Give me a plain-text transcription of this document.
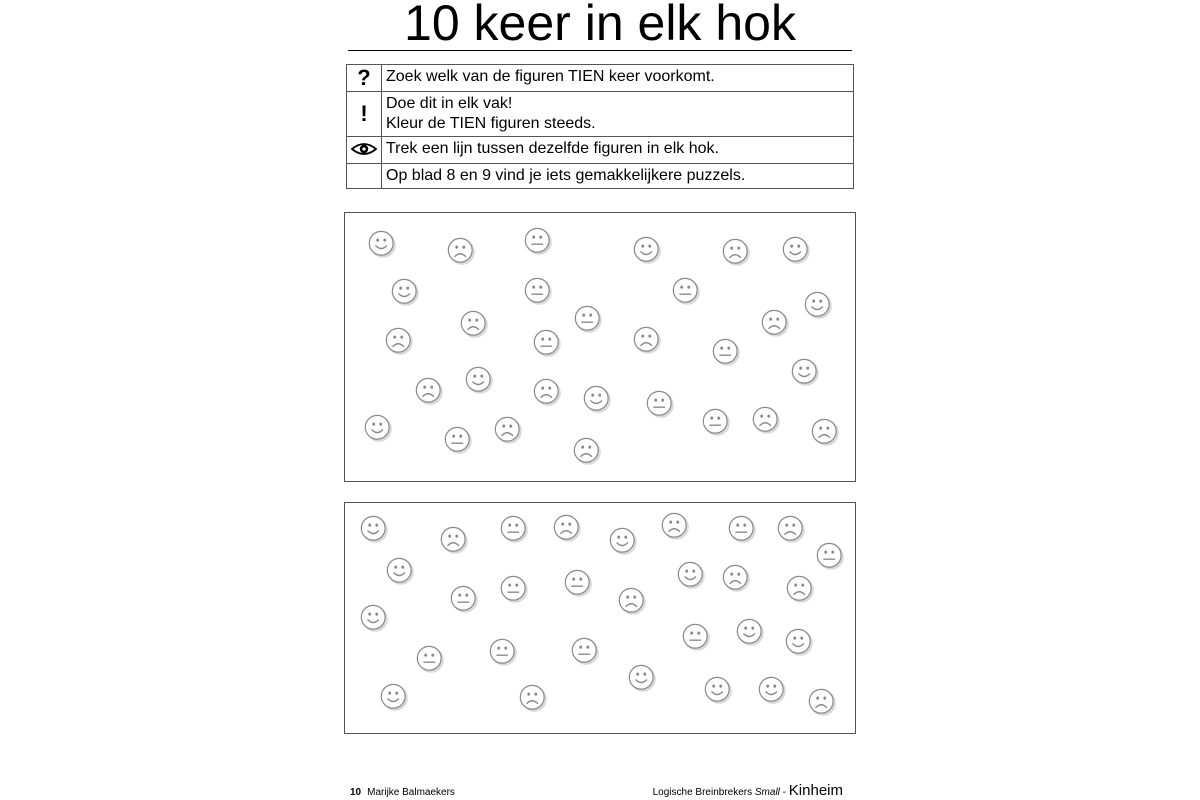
10 keer in elk hok
?	Zoek welk van de figuren TIEN keer voorkomt.
!	Doe dit in elk vak!
Kleur de TIEN figuren steeds.
	Trek een lijn tussen dezelfde figuren in elk hok.
	Op blad 8 en 9 vind je iets gemakkelijkere puzzels.
10 Marijke Balmaekers	Logische Breinbrekers Small - Kinheim
